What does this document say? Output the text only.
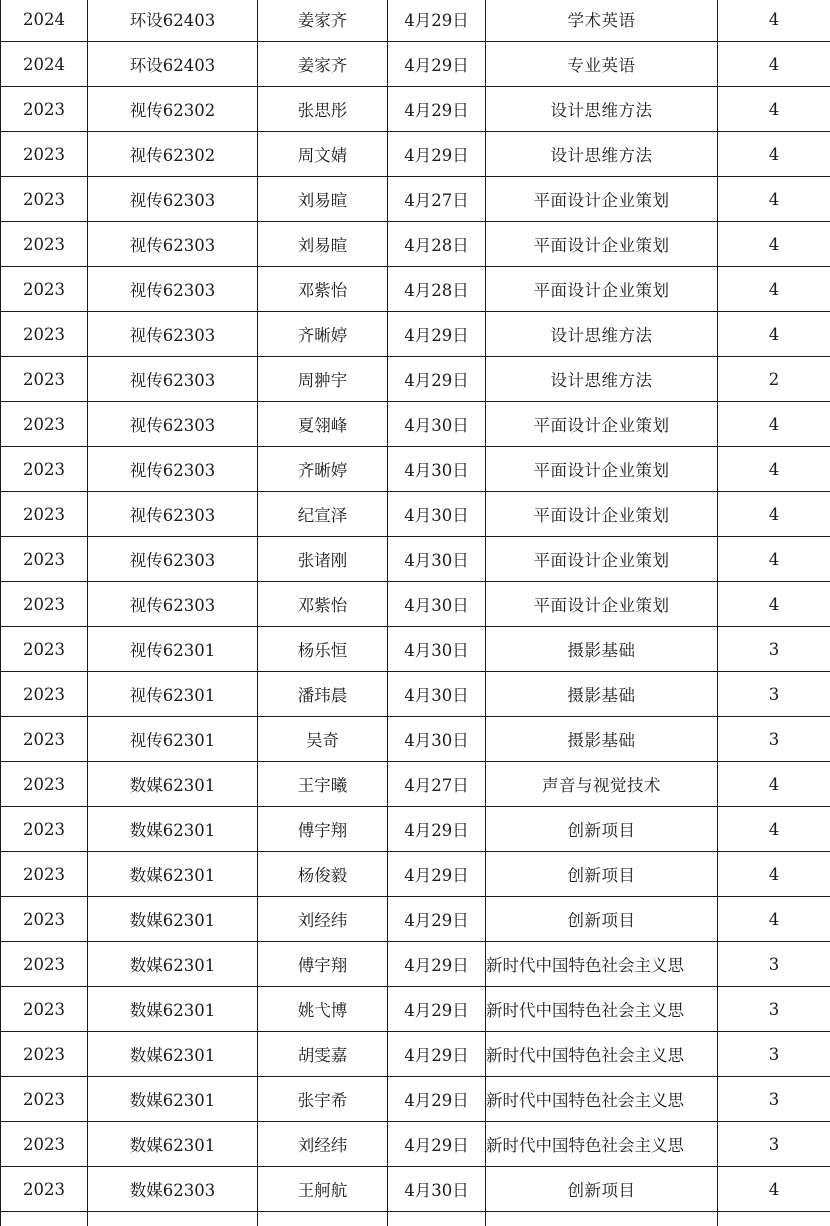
2024	环设62403	姜家齐	4月29日	学术英语	4
2024	环设62403	姜家齐	4月29日	专业英语	4
2023	视传62302	张思彤	4月29日	设计思维方法	4
2023	视传62302	周文婧	4月29日	设计思维方法	4
2023	视传62303	刘易暄	4月27日	平面设计企业策划	4
2023	视传62303	刘易暄	4月28日	平面设计企业策划	4
2023	视传62303	邓紫怡	4月28日	平面设计企业策划	4
2023	视传62303	齐晰婷	4月29日	设计思维方法	4
2023	视传62303	周翀宇	4月29日	设计思维方法	2
2023	视传62303	夏翎峰	4月30日	平面设计企业策划	4
2023	视传62303	齐晰婷	4月30日	平面设计企业策划	4
2023	视传62303	纪宣泽	4月30日	平面设计企业策划	4
2023	视传62303	张诸刚	4月30日	平面设计企业策划	4
2023	视传62303	邓紫怡	4月30日	平面设计企业策划	4
2023	视传62301	杨乐恒	4月30日	摄影基础	3
2023	视传62301	潘玮晨	4月30日	摄影基础	3
2023	视传62301	吴奇	4月30日	摄影基础	3
2023	数媒62301	王宇曦	4月27日	声音与视觉技术	4
2023	数媒62301	傅宇翔	4月29日	创新项目	4
2023	数媒62301	杨俊毅	4月29日	创新项目	4
2023	数媒62301	刘经纬	4月29日	创新项目	4
2023	数媒62301	傅宇翔	4月29日	新时代中国特色社会主义思	3
2023	数媒62301	姚弋博	4月29日	新时代中国特色社会主义思	3
2023	数媒62301	胡雯嘉	4月29日	新时代中国特色社会主义思	3
2023	数媒62301	张宇希	4月29日	新时代中国特色社会主义思	3
2023	数媒62301	刘经纬	4月29日	新时代中国特色社会主义思	3
2023	数媒62303	王舸航	4月30日	创新项目	4
